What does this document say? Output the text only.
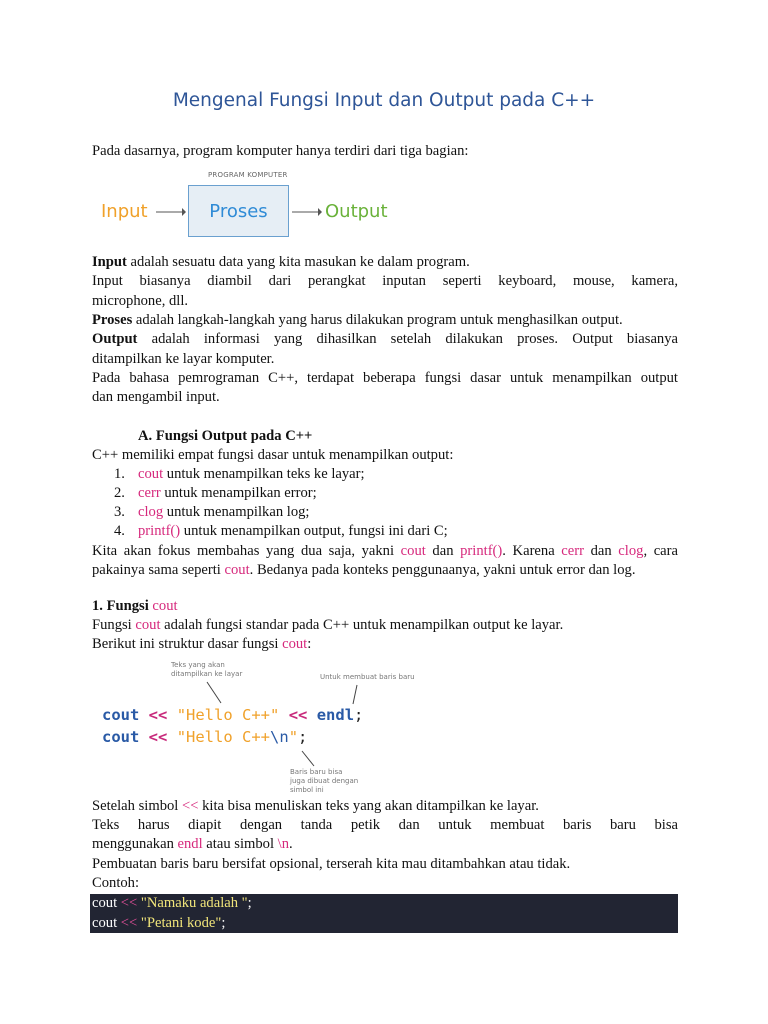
Mengenal Fungsi Input dan Output pada C++

Pada dasarnya, program komputer hanya terdiri dari tiga bagian:

PROGRAM KOMPUTER
Input	Proses	Output

Input adalah sesuatu data yang kita masukan ke dalam program.

Input biasanya diambil dari perangkat inputan seperti keyboard, mouse, kamera,

microphone, dll.

Proses adalah langkah-langkah yang harus dilakukan program untuk menghasilkan output.

Output adalah informasi yang dihasilkan setelah dilakukan proses. Output biasanya

ditampilkan ke layar komputer.

Pada bahasa pemrograman C++, terdapat beberapa fungsi dasar untuk menampilkan output

dan mengambil input.

A. Fungsi Output pada C++

C++ memiliki empat fungsi dasar untuk menampilkan output:

1. cout untuk menampilkan teks ke layar;
2. cerr untuk menampilkan error;
3. clog untuk menampilkan log;
4. printf() untuk menampilkan output, fungsi ini dari C;

Kita akan fokus membahas yang dua saja, yakni cout dan printf(). Karena cerr dan clog, cara

pakainya sama seperti cout. Bedanya pada konteks penggunaanya, yakni untuk error dan log.

1. Fungsi cout

Fungsi cout adalah fungsi standar pada C++ untuk menampilkan output ke layar.

Berikut ini struktur dasar fungsi cout:

Teks yang akan
ditampilkan ke layar	Untuk membuat baris baru
cout << "Hello C++" << endl;
cout << "Hello C++\n";
Baris baru bisa
juga dibuat dengan
simbol ini

Setelah simbol << kita bisa menuliskan teks yang akan ditampilkan ke layar.

Teks harus diapit dengan tanda petik dan untuk membuat baris baru bisa

menggunakan endl atau simbol \n.

Pembuatan baris baru bersifat opsional, terserah kita mau ditambahkan atau tidak.

Contoh:

cout << "Namaku adalah ";
cout << "Petani kode";
